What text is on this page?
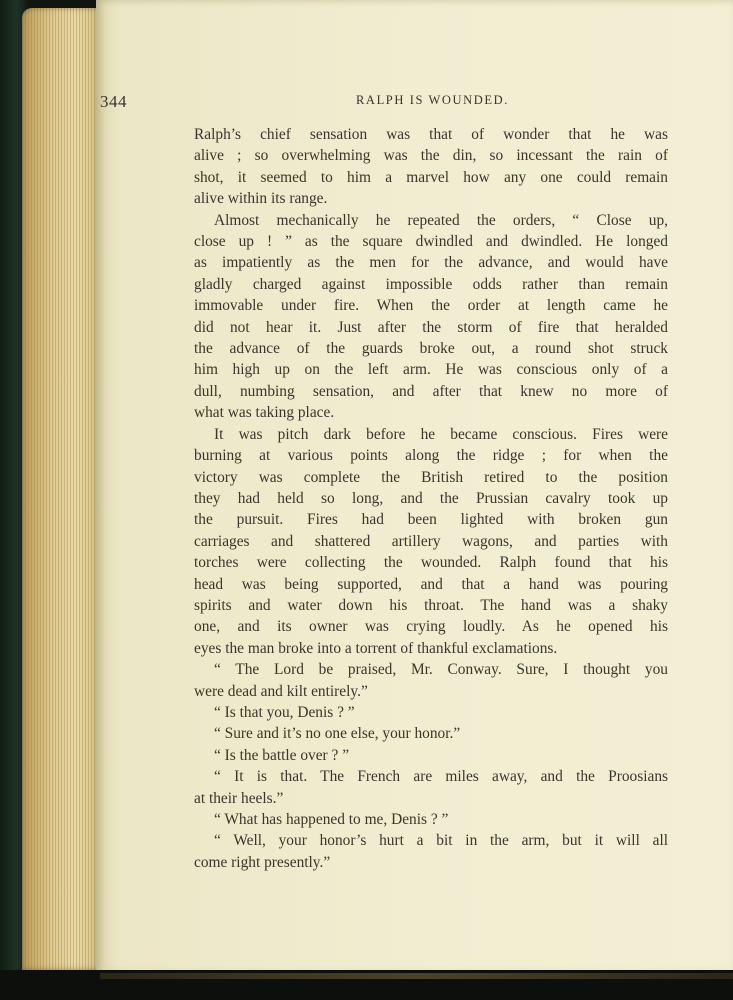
344	RALPH IS WOUNDED.

Ralph’s chief sensation was that of wonder that he was

alive ; so overwhelming was the din, so incessant the rain of

shot, it seemed to him a marvel how any one could remain

alive within its range.

Almost mechanically he repeated the orders, “ Close up,

close up ! ” as the square dwindled and dwindled. He longed

as impatiently as the men for the advance, and would have

gladly charged against impossible odds rather than remain

immovable under fire. When the order at length came he

did not hear it. Just after the storm of fire that heralded

the advance of the guards broke out, a round shot struck

him high up on the left arm. He was conscious only of a

dull, numbing sensation, and after that knew no more of

what was taking place.

It was pitch dark before he became conscious. Fires were

burning at various points along the ridge ; for when the

victory was complete the British retired to the position

they had held so long, and the Prussian cavalry took up

the pursuit. Fires had been lighted with broken gun

carriages and shattered artillery wagons, and parties with

torches were collecting the wounded. Ralph found that his

head was being supported, and that a hand was pouring

spirits and water down his throat. The hand was a shaky

one, and its owner was crying loudly. As he opened his

eyes the man broke into a torrent of thankful exclamations.

“ The Lord be praised, Mr. Conway. Sure, I thought you

were dead and kilt entirely.”

“ Is that you, Denis ? ”

“ Sure and it’s no one else, your honor.”

“ Is the battle over ? ”

“ It is that. The French are miles away, and the Proosians

at their heels.”

“ What has happened to me, Denis ? ”

“ Well, your honor’s hurt a bit in the arm, but it will all

come right presently.”
